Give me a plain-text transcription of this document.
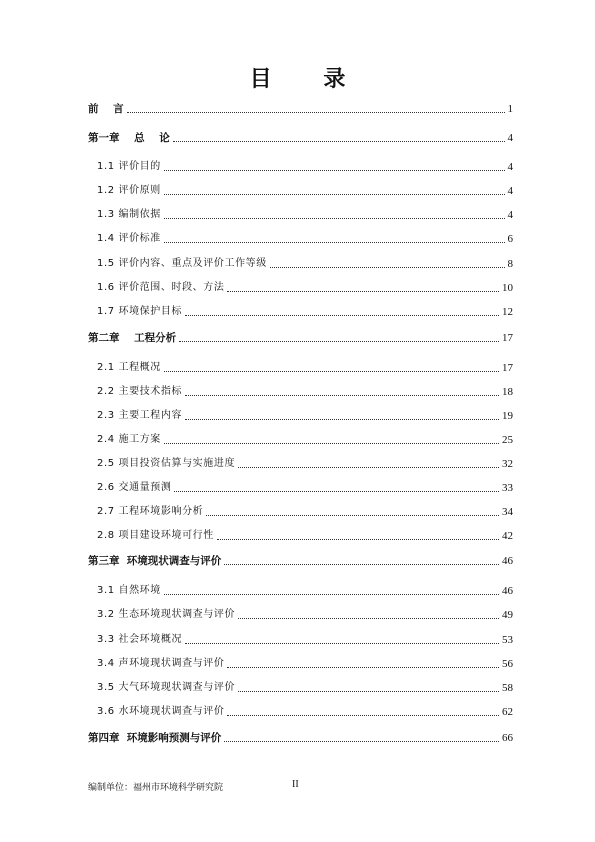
目 录
前    言	1
第一章    总    论	4
1.1 评价目的	4
1.2 评价原则	4
1.3 编制依据	4
1.4 评价标准	6
1.5 评价内容、重点及评价工作等级	8
1.6 评价范围、时段、方法	10
1.7 环境保护目标	12
第二章    工程分析	17
2.1 工程概况	17
2.2 主要技术指标	18
2.3 主要工程内容	19
2.4 施工方案	25
2.5 项目投资估算与实施进度	32
2.6 交通量预测	33
2.7 工程环境影响分析	34
2.8 项目建设环境可行性	42
第三章  环境现状调查与评价	46
3.1 自然环境	46
3.2 生态环境现状调查与评价	49
3.3 社会环境概况	53
3.4 声环境现状调查与评价	56
3.5 大气环境现状调查与评价	58
3.6 水环境现状调查与评价	62
第四章  环境影响预测与评价	66
编制单位：福州市环境科学研究院	II
